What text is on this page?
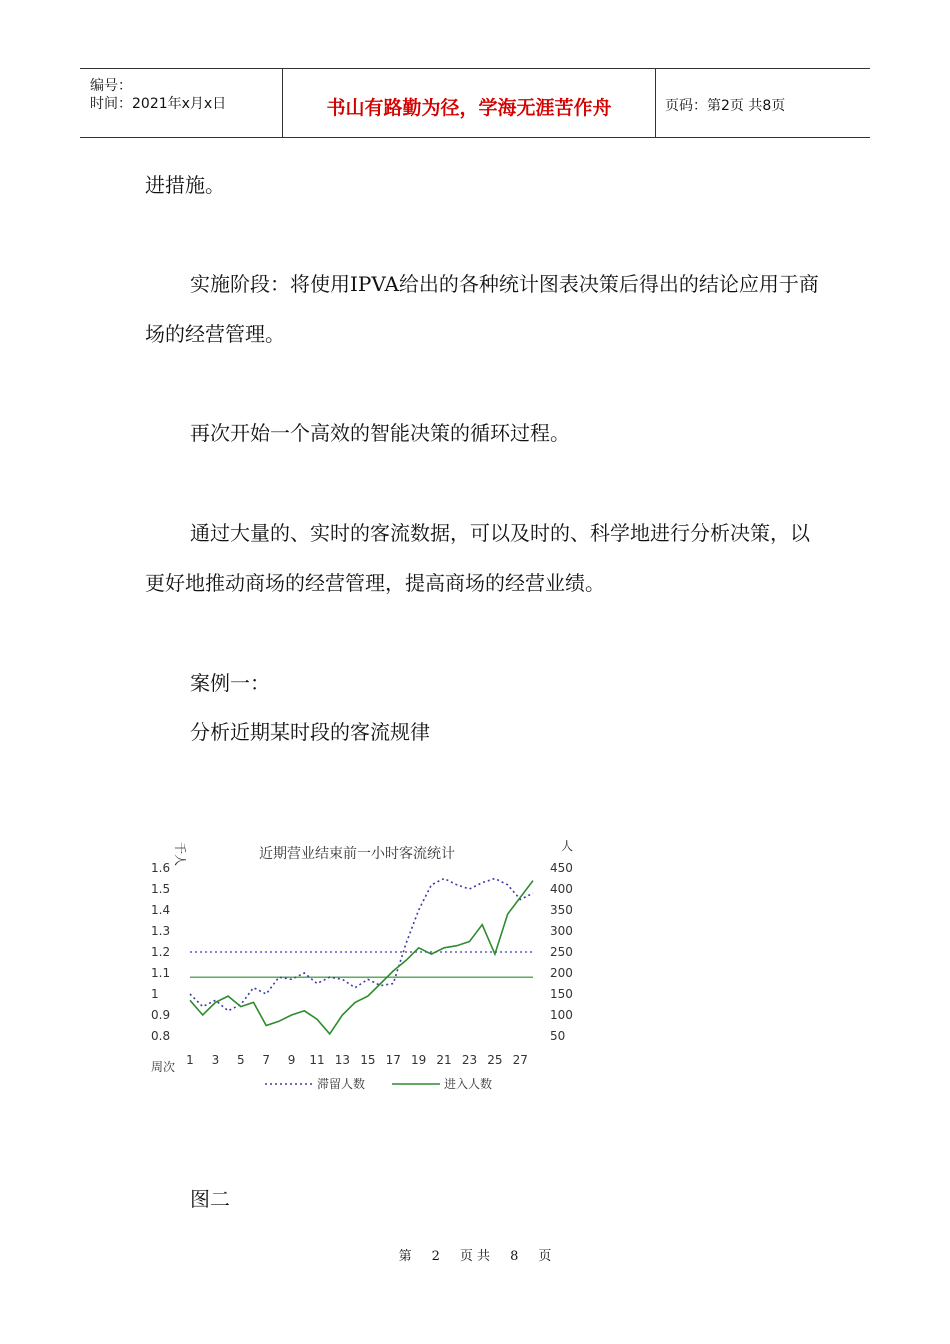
编号：
时间：2021年x月x日	书山有路勤为径，学海无涯苦作舟	页码：第2页 共8页
进措施。
实施阶段：将使用IPVA给出的各种统计图表决策后得出的结论应用于商场的经营管理。
再次开始一个高效的智能决策的循环过程。
通过大量的、实时的客流数据，可以及时的、科学地进行分析决策，以更好地推动商场的经营管理，提高商场的经营业绩。
案例一：
分析近期某时段的客流规律
近期营业结束前一小时客流统计
千人	人
1.6
1.5
1.4
1.3
1.2
1.1
1
0.9
0.8
450
400
350
300
250
200
150
100
50
1 3 5 7 9 11 13 15 17 19 21 23 25 27
周次
滞留人数	进入人数
图二
第 2 页 共 8 页
